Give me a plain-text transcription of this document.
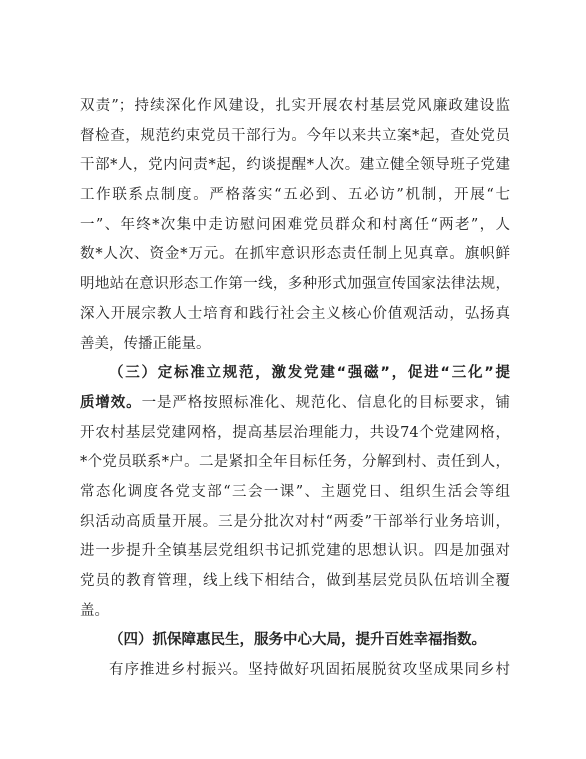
双责”；持续深化作风建设，扎实开展农村基层党风廉政建设监
督检查，规范约束党员干部行为。今年以来共立案*起，查处党员
干部*人，党内问责*起，约谈提醒*人次。建立健全领导班子党建
工作联系点制度。严格落实“五必到、五必访”机制，开展“七
一”、年终*次集中走访慰问困难党员群众和村离任“两老”，人
数*人次、资金*万元。在抓牢意识形态责任制上见真章。旗帜鲜
明地站在意识形态工作第一线，多种形式加强宣传国家法律法规，
深入开展宗教人士培育和践行社会主义核心价值观活动，弘扬真
善美，传播正能量。
（三）定标准立规范，激发党建“强磁”，促进“三化”提
质增效。一是严格按照标准化、规范化、信息化的目标要求，铺
开农村基层党建网格，提高基层治理能力，共设74个党建网格，
*个党员联系*户。二是紧扣全年目标任务，分解到村、责任到人，
常态化调度各党支部“三会一课”、主题党日、组织生活会等组
织活动高质量开展。三是分批次对村“两委”干部举行业务培训，
进一步提升全镇基层党组织书记抓党建的思想认识。四是加强对
党员的教育管理，线上线下相结合，做到基层党员队伍培训全覆
盖。
（四）抓保障惠民生，服务中心大局，提升百姓幸福指数。
有序推进乡村振兴。坚持做好巩固拓展脱贫攻坚成果同乡村
